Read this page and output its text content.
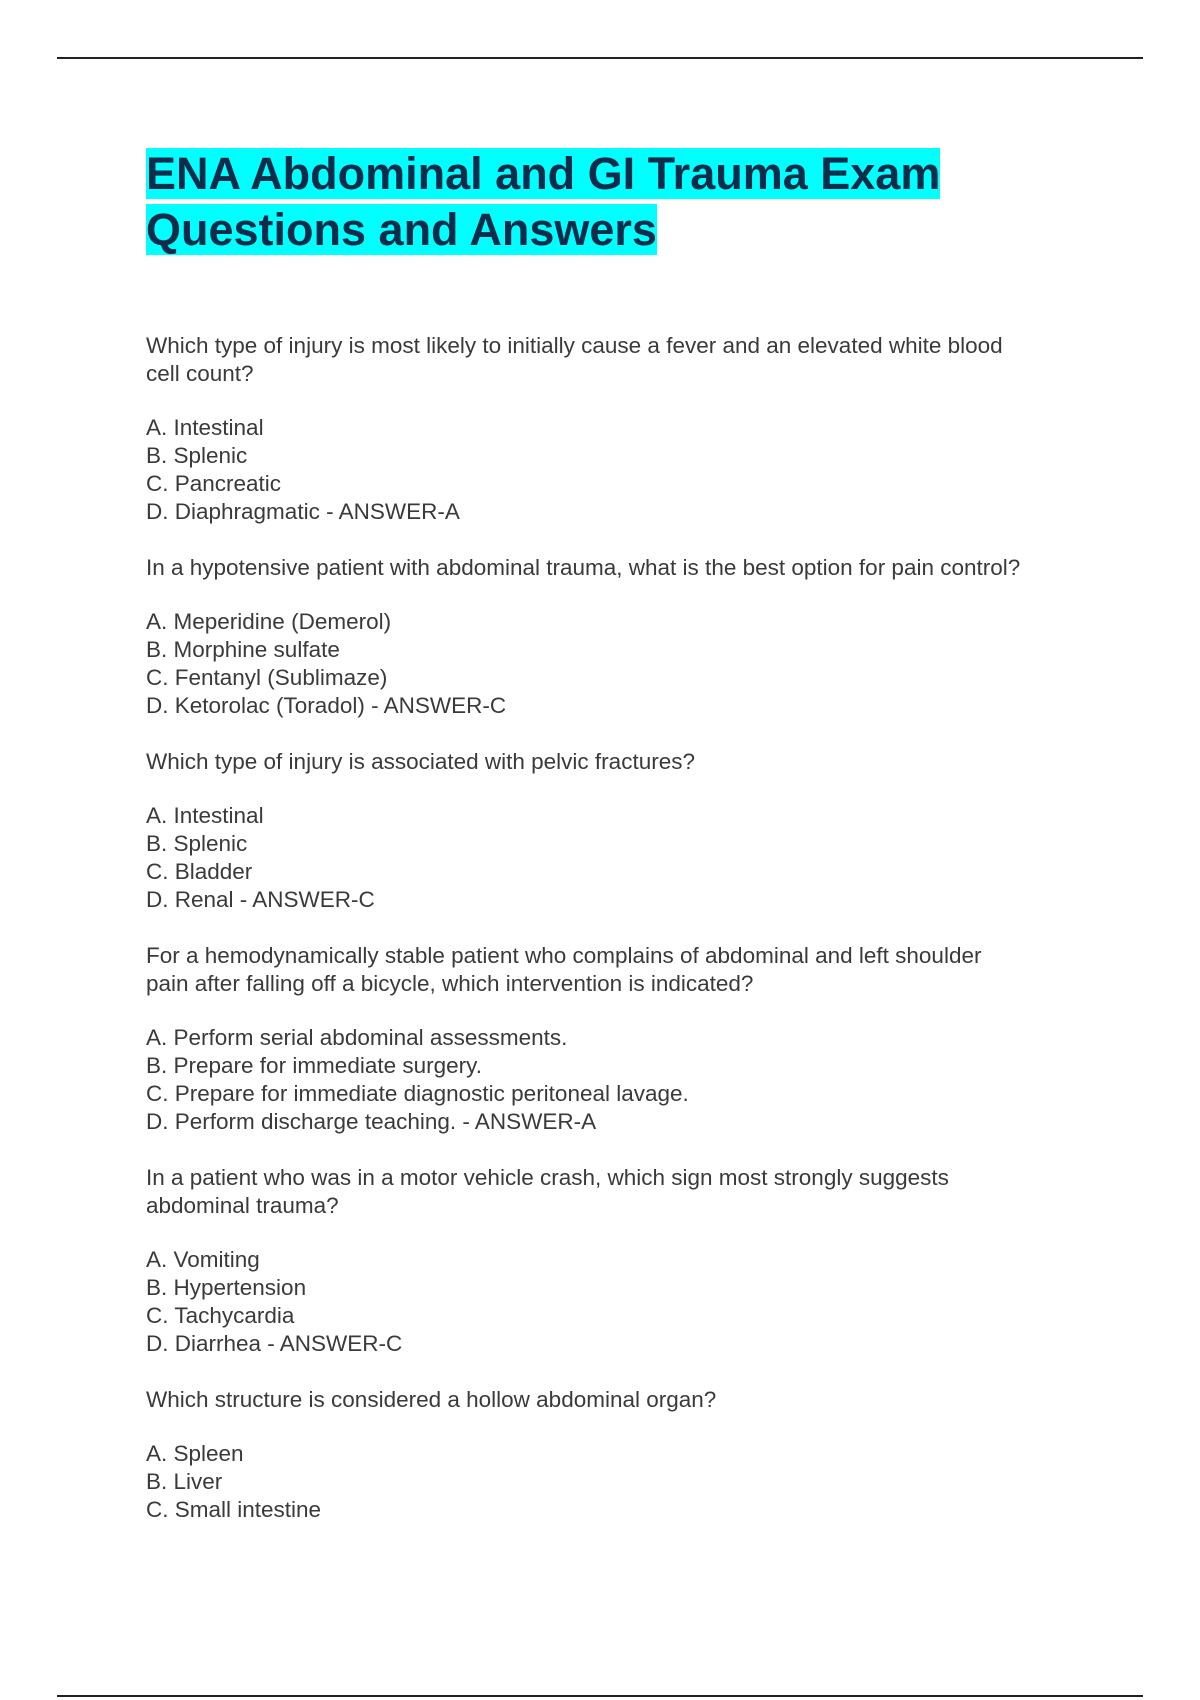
ENA Abdominal and GI Trauma Exam Questions and Answers

Which type of injury is most likely to initially cause a fever and an elevated white blood cell count?

A. Intestinal
B. Splenic
C. Pancreatic
D. Diaphragmatic - ANSWER-A

In a hypotensive patient with abdominal trauma, what is the best option for pain control?

A. Meperidine (Demerol)
B. Morphine sulfate
C. Fentanyl (Sublimaze)
D. Ketorolac (Toradol) - ANSWER-C

Which type of injury is associated with pelvic fractures?

A. Intestinal
B. Splenic
C. Bladder
D. Renal - ANSWER-C

For a hemodynamically stable patient who complains of abdominal and left shoulder pain after falling off a bicycle, which intervention is indicated?

A. Perform serial abdominal assessments.
B. Prepare for immediate surgery.
C. Prepare for immediate diagnostic peritoneal lavage.
D. Perform discharge teaching. - ANSWER-A

In a patient who was in a motor vehicle crash, which sign most strongly suggests abdominal trauma?

A. Vomiting
B. Hypertension
C. Tachycardia
D. Diarrhea - ANSWER-C

Which structure is considered a hollow abdominal organ?

A. Spleen
B. Liver
C. Small intestine
